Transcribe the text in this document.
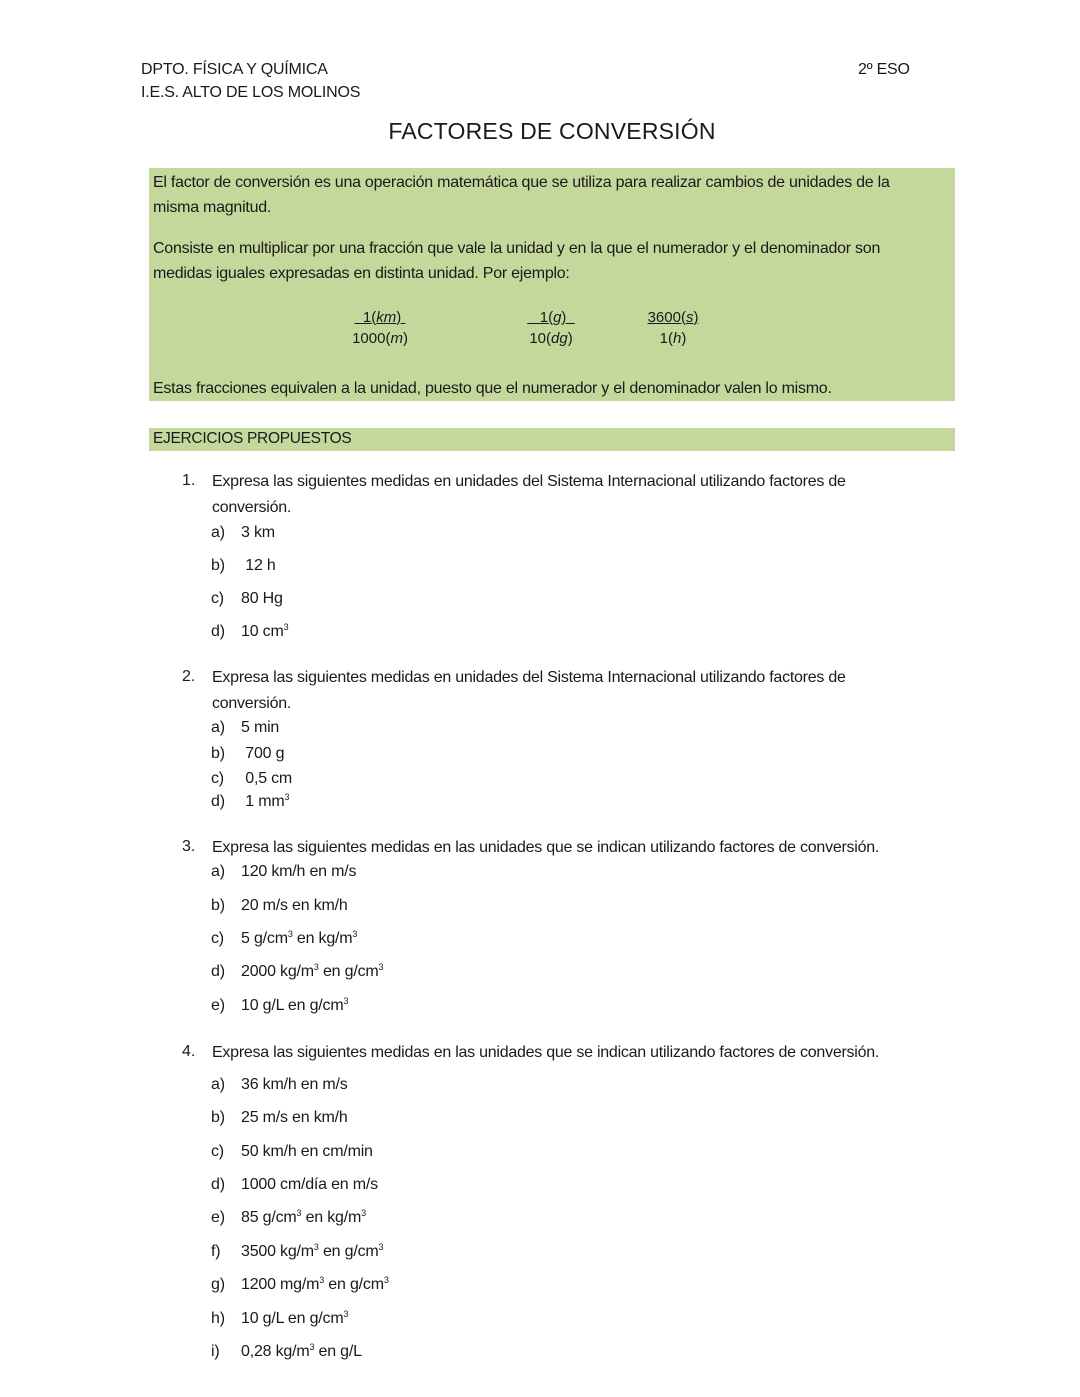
DPTO. FÍSICA Y QUÍMICA
I.E.S. ALTO DE LOS MOLINOS
2º ESO
FACTORES DE CONVERSIÓN
El factor de conversión es una operación matemática que se utiliza para realizar cambios de unidades de la
misma magnitud.
Consiste en multiplicar por una fracción que vale la unidad y en la que el numerador y el denominador son
medidas iguales expresadas en distinta unidad. Por ejemplo:
$\frac{1(km)}{1000(m)}$	$\frac{1(g)}{10(dg)}$	$\frac{3600(s)}{1(h)}$
Estas fracciones equivalen a la unidad, puesto que el numerador y el denominador valen lo mismo.
EJERCICIOS PROPUESTOS
1. Expresa las siguientes medidas en unidades del Sistema Internacional utilizando factores de
conversión.
a) 3 km
b) 12 h
c) 80 Hg
d) 10 $cm^3$
2. Expresa las siguientes medidas en unidades del Sistema Internacional utilizando factores de
conversión.
a) 5 min
b) 700 g
c) 0,5 cm
d) 1 $mm^3$
3. Expresa las siguientes medidas en las unidades que se indican utilizando factores de conversión.
a) 120 km/h en m/s
b) 20 m/s en km/h
c) 5 $g/cm^3$ en $kg/m^3$
d) 2000 $kg/m^3$ en $g/cm^3$
e) 10 g/L en $g/cm^3$
4. Expresa las siguientes medidas en las unidades que se indican utilizando factores de conversión.
a) 36 km/h en m/s
b) 25 m/s en km/h
c) 50 km/h en cm/min
d) 1000 cm/día en m/s
e) 85 $g/cm^3$ en $kg/m^3$
f) 3500 $kg/m^3$ en $g/cm^3$
g) 1200 $mg/m^3$ en $g/cm^3$
h) 10 g/L en $g/cm^3$
i) 0,28 $kg/m^3$ en g/L
